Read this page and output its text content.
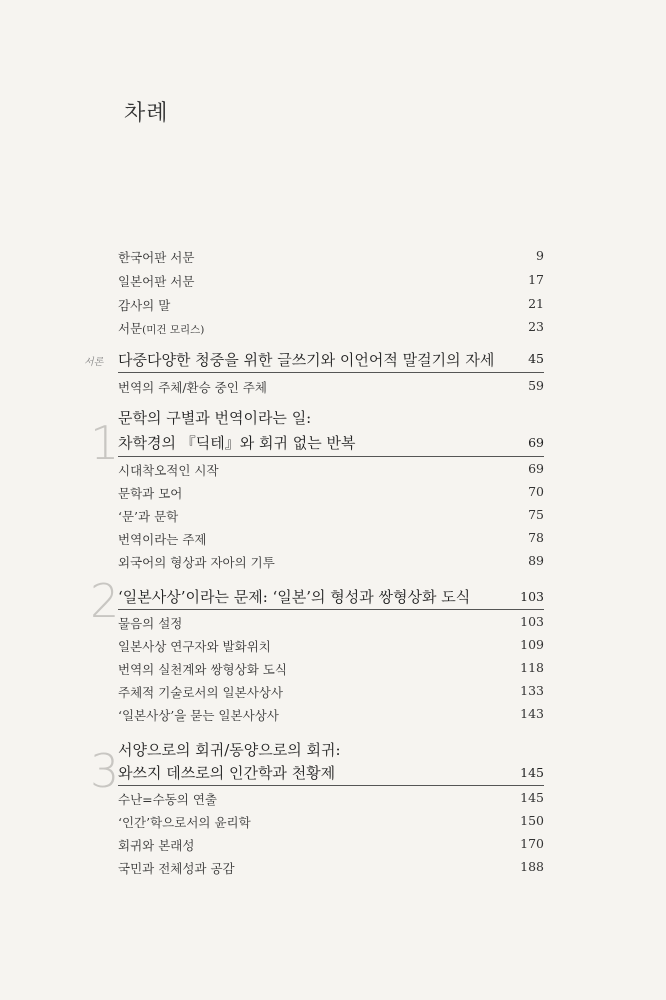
차례
한국어판 서문	9
일본어판 서문	17
감사의 말	21
서문(미건 모리스)	23
서론 다중다양한 청중을 위한 글쓰기와 이언어적 말걸기의 자세	45
번역의 주체/환승 중인 주체	59
1
문학의 구별과 번역이라는 일:
차학경의 『딕테』와 회귀 없는 반복	69
시대착오적인 시작	69
문학과 모어	70
‘문’과 문학	75
번역이라는 주제	78
외국어의 형상과 자아의 기투	89
2
‘일본사상’이라는 문제: ‘일본’의 형성과 쌍형상화 도식	103
물음의 설정	103
일본사상 연구자와 발화위치	109
번역의 실천계와 쌍형상화 도식	118
주체적 기술로서의 일본사상사	133
‘일본사상’을 묻는 일본사상사	143
3
서양으로의 회귀/동양으로의 회귀:
와쓰지 데쓰로의 인간학과 천황제	145
수난=수동의 연출	145
‘인간’학으로서의 윤리학	150
회귀와 본래성	170
국민과 전체성과 공감	188
